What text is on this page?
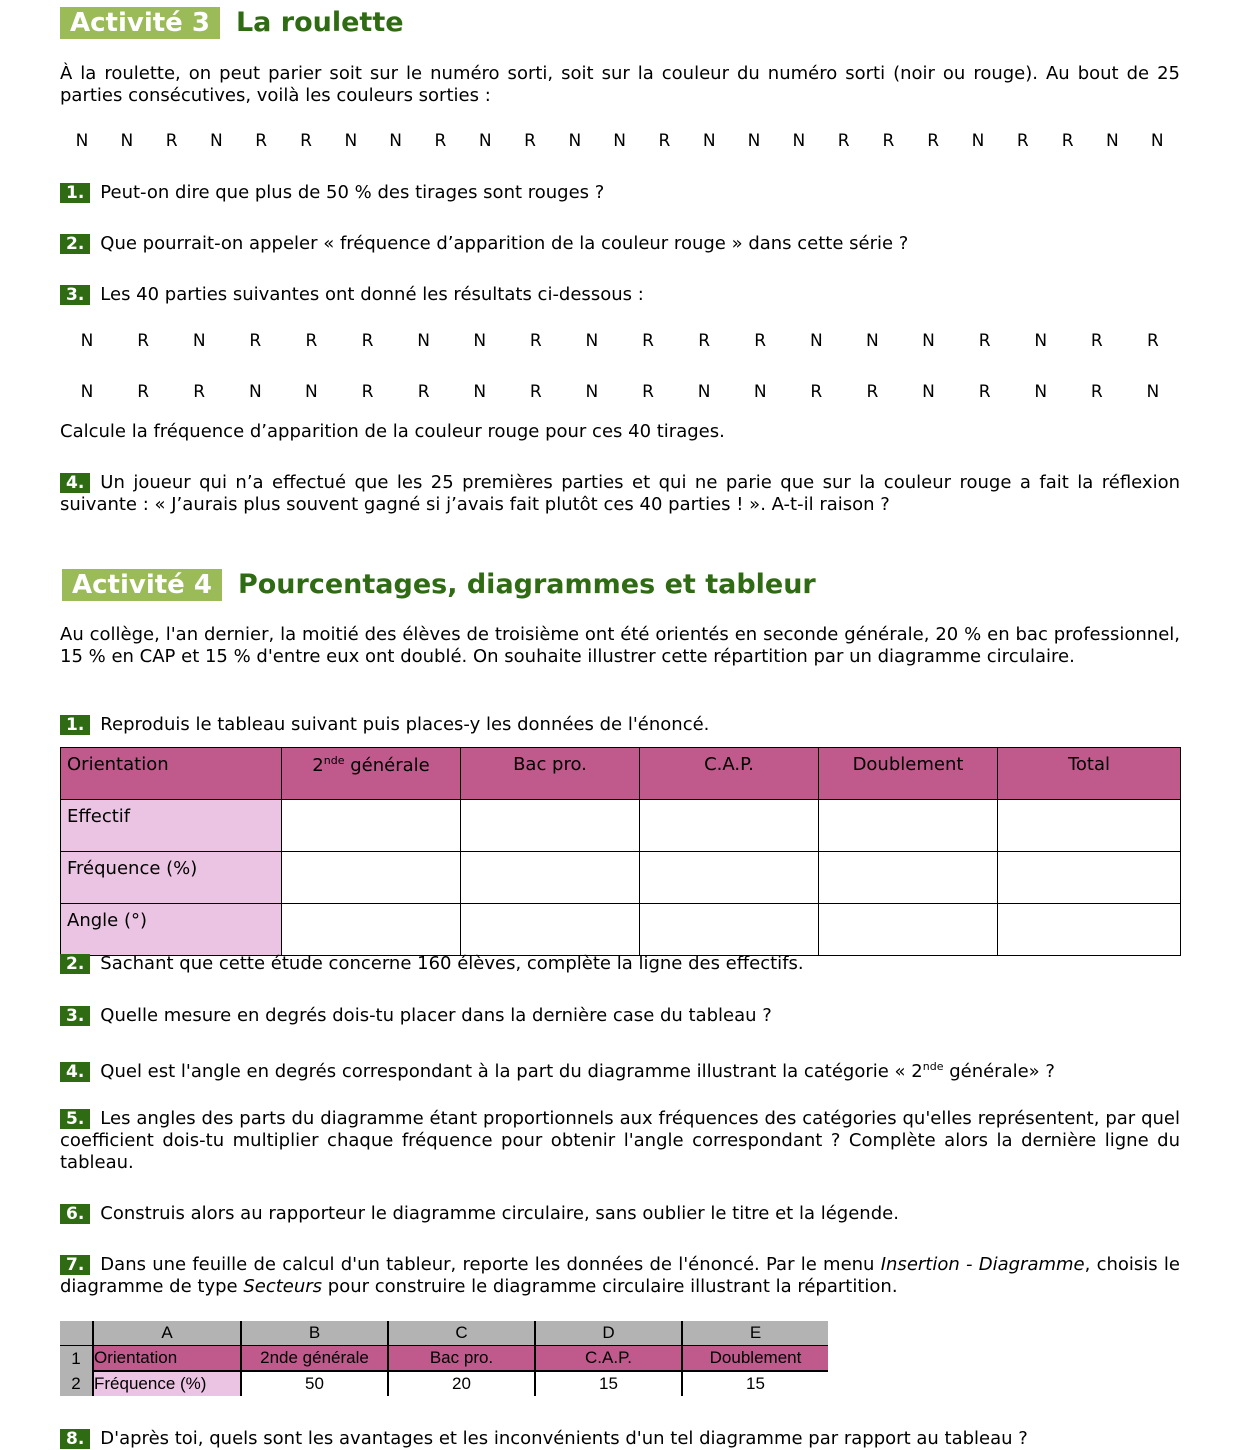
Activité 3 La roulette
À la roulette, on peut parier soit sur le numéro sorti, soit sur la couleur du numéro sorti (noir ou rouge). Au bout de 25 parties consécutives, voilà les couleurs sorties :
N N R N R R N N R N R N N R N N N R R R N R R N N
1. Peut-on dire que plus de 50 % des tirages sont rouges ?
2. Que pourrait-on appeler « fréquence d’apparition de la couleur rouge » dans cette série ?
3. Les 40 parties suivantes ont donné les résultats ci-dessous :
N	R	N	R	R	R	N	N	R	N	R	R	R	N	N	N	R	N	R	R
N	R	R	N	N	R	R	N	R	N	R	N	N	R	R	N	R	N	R	N
Calcule la fréquence d’apparition de la couleur rouge pour ces 40 tirages.
4. Un joueur qui n’a effectué que les 25 premières parties et qui ne parie que sur la couleur rouge a fait la réflexion suivante : « J’aurais plus souvent gagné si j’avais fait plutôt ces 40 parties ! ». A-t-il raison ?
Activité 4 Pourcentages, diagrammes et tableur
Au collège, l'an dernier, la moitié des élèves de troisième ont été orientés en seconde générale, 20 % en bac professionnel, 15 % en CAP et 15 % d'entre eux ont doublé. On souhaite illustrer cette répartition par un diagramme circulaire.
1. Reproduis le tableau suivant puis places-y les données de l'énoncé.
Orientation	2nde générale	Bac pro.	C.A.P.	Doublement	Total
Effectif					
Fréquence (%)					
Angle (°)					
2. Sachant que cette étude concerne 160 élèves, complète la ligne des effectifs.
3. Quelle mesure en degrés dois-tu placer dans la dernière case du tableau ?
4. Quel est l'angle en degrés correspondant à la part du diagramme illustrant la catégorie « 2nde générale» ?
5. Les angles des parts du diagramme étant proportionnels aux fréquences des catégories qu'elles représentent, par quel coefficient dois-tu multiplier chaque fréquence pour obtenir l'angle correspondant ? Complète alors la dernière ligne du tableau.
6. Construis alors au rapporteur le diagramme circulaire, sans oublier le titre et la légende.
7. Dans une feuille de calcul d'un tableur, reporte les données de l'énoncé. Par le menu Insertion - Diagramme, choisis le diagramme de type Secteurs pour construire le diagramme circulaire illustrant la répartition.
	A	B	C	D	E
1	Orientation	2nde générale	Bac pro.	C.A.P.	Doublement
2	Fréquence (%)	50	20	15	15
8. D'après toi, quels sont les avantages et les inconvénients d'un tel diagramme par rapport au tableau ?
